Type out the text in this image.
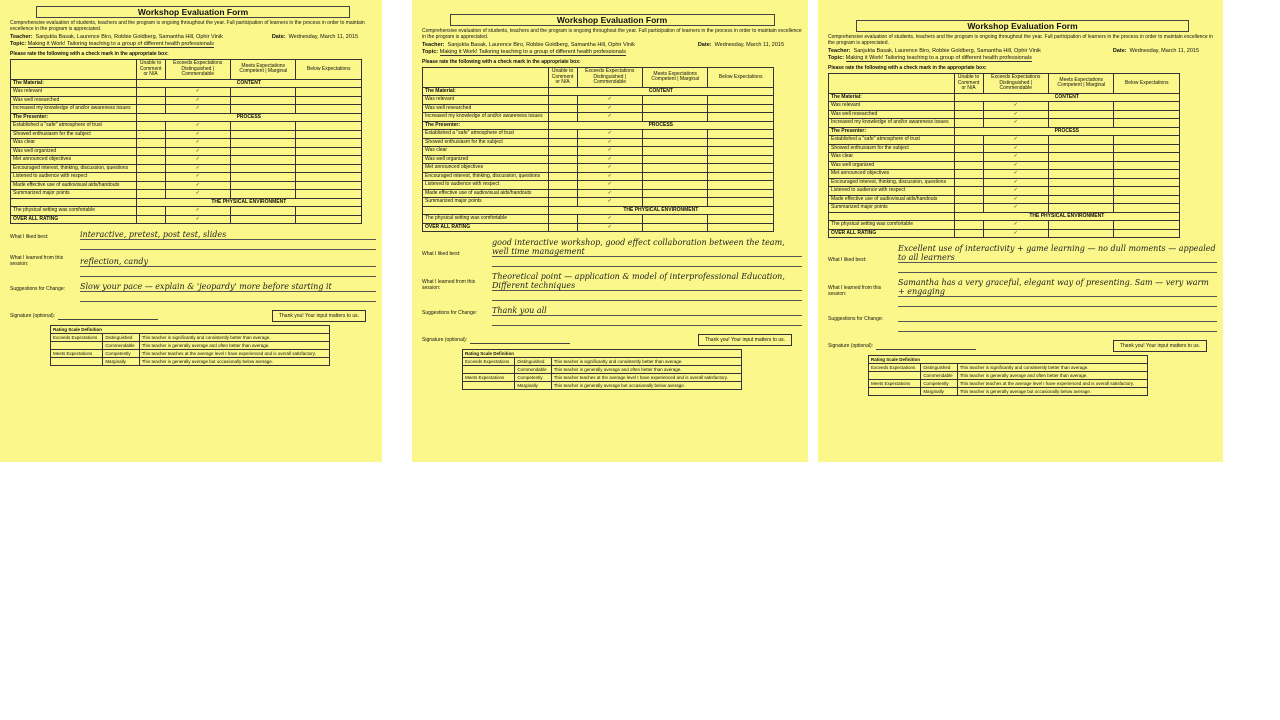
Workshop Evaluation Form
Comprehensive evaluation of students, teachers and the program is ongoing throughout the year. Full participation of learners in the process in order to maintain excellence in the program is appreciated.
Teacher: Sanjukta Basak, Laurence Biro, Robbie Goldberg, Samantha Hill, Ophir Vinik	Date: Wednesday, March 11, 2015
Topic: Making it Work! Tailoring teaching to a group of different health professionals
Please rate the following with a check mark in the appropriate box:
	Unable to Comment or N/A	Exceeds Expectations Distinguished | Commendable	Meets Expectations Competent | Marginal	Below Expectations
The Material:	CONTENT			
Was relevant		✓		
Was well researched		✓		
Increased my knowledge of and/or awareness issues		✓		
The Presenter:	PROCESS			
Established a "safe" atmosphere of trust		✓		
Showed enthusiasm for the subject		✓		
Was clear		✓		
Was well organized		✓		
Met announced objectives		✓		
Encouraged interest, thinking, discussion, questions		✓		
Listened to audience with respect		✓		
Made effective use of audiovisual aids/handouts		✓		
Summarized major points		✓		
	THE PHYSICAL ENVIRONMENT			
The physical setting was comfortable		✓		
OVER ALL RATING		✓		
What I liked best:	interactive, pretest, post test, slides
What I learned from this session:	reflection, candy
Suggestions for Change:	Slow your pace — explain & 'jeopardy' more before starting it
Signature (optional):	Thank you! Your input matters to us.
Rating Scale Definition		
Exceeds Expectations	Distinguished	This teacher is significantly and consistently better than average.
	Commendable	This teacher is generally average and often better than average.
Meets Expectations	Competently	This teacher teaches at the average level I have experienced and is overall satisfactory.
	Marginally	This teacher is generally average but occasionally below average.
Workshop Evaluation Form
Comprehensive evaluation of students, teachers and the program is ongoing throughout the year. Full participation of learners in the process in order to maintain excellence in the program is appreciated.
Teacher: Sanjukta Basak, Laurence Biro, Robbie Goldberg, Samantha Hill, Ophir Vinik	Date: Wednesday, March 11, 2015
Topic: Making it Work! Tailoring teaching to a group of different health professionals
Please rate the following with a check mark in the appropriate box:
	Unable to Comment or N/A	Exceeds Expectations Distinguished | Commendable	Meets Expectations Competent | Marginal	Below Expectations
The Material:	CONTENT			
Was relevant		✓		
Was well researched		✓		
Increased my knowledge of and/or awareness issues		✓		
The Presenter:	PROCESS			
Established a "safe" atmosphere of trust		✓		
Showed enthusiasm for the subject		✓		
Was clear		✓		
Was well organized		✓		
Met announced objectives		✓		
Encouraged interest, thinking, discussion, questions		✓		
Listened to audience with respect		✓		
Made effective use of audiovisual aids/handouts		✓		
Summarized major points		✓		
	THE PHYSICAL ENVIRONMENT			
The physical setting was comfortable		✓		
OVER ALL RATING		✓		
What I liked best:
good interactive workshop, good effect collaboration between the team, well time management
What I learned from this session:
Theoretical point — application & model of interprofessional Education, Different techniques
Suggestions for Change:	Thank you all
Signature (optional):	Thank you! Your input matters to us.
Rating Scale Definition		
Exceeds Expectations	Distinguished	This teacher is significantly and consistently better than average.
	Commendable	This teacher is generally average and often better than average.
Meets Expectations	Competently	This teacher teaches at the average level I have experienced and is overall satisfactory.
	Marginally	This teacher is generally average but occasionally below average.
Workshop Evaluation Form
Comprehensive evaluation of students, teachers and the program is ongoing throughout the year. Full participation of learners in the process in order to maintain excellence in the program is appreciated.
Teacher: Sanjukta Basak, Laurence Biro, Robbie Goldberg, Samantha Hill, Ophir Vinik	Date: Wednesday, March 11, 2015
Topic: Making it Work! Tailoring teaching to a group of different health professionals
Please rate the following with a check mark in the appropriate box:
	Unable to Comment or N/A	Exceeds Expectations Distinguished | Commendable	Meets Expectations Competent | Marginal	Below Expectations
The Material:	CONTENT			
Was relevant		✓		
Was well researched		✓		
Increased my knowledge of and/or awareness issues		✓		
The Presenter:	PROCESS			
Established a "safe" atmosphere of trust		✓		
Showed enthusiasm for the subject		✓		
Was clear		✓		
Was well organized		✓		
Met announced objectives		✓		
Encouraged interest, thinking, discussion, questions		✓		
Listened to audience with respect		✓		
Made effective use of audiovisual aids/handouts		✓		
Summarized major points		✓		
	THE PHYSICAL ENVIRONMENT			
The physical setting was comfortable		✓		
OVER ALL RATING		✓		
What I liked best:
Excellent use of interactivity + game learning — no dull moments — appealed to all learners
What I learned from this session:
Samantha has a very graceful, elegant way of presenting. Sam — very warm + engaging
Suggestions for Change:
Signature (optional):	Thank you! Your input matters to us.
Rating Scale Definition		
Exceeds Expectations	Distinguished	This teacher is significantly and consistently better than average.
	Commendable	This teacher is generally average and often better than average.
Meets Expectations	Competently	This teacher teaches at the average level I have experienced and is overall satisfactory.
	Marginally	This teacher is generally average but occasionally below average.
